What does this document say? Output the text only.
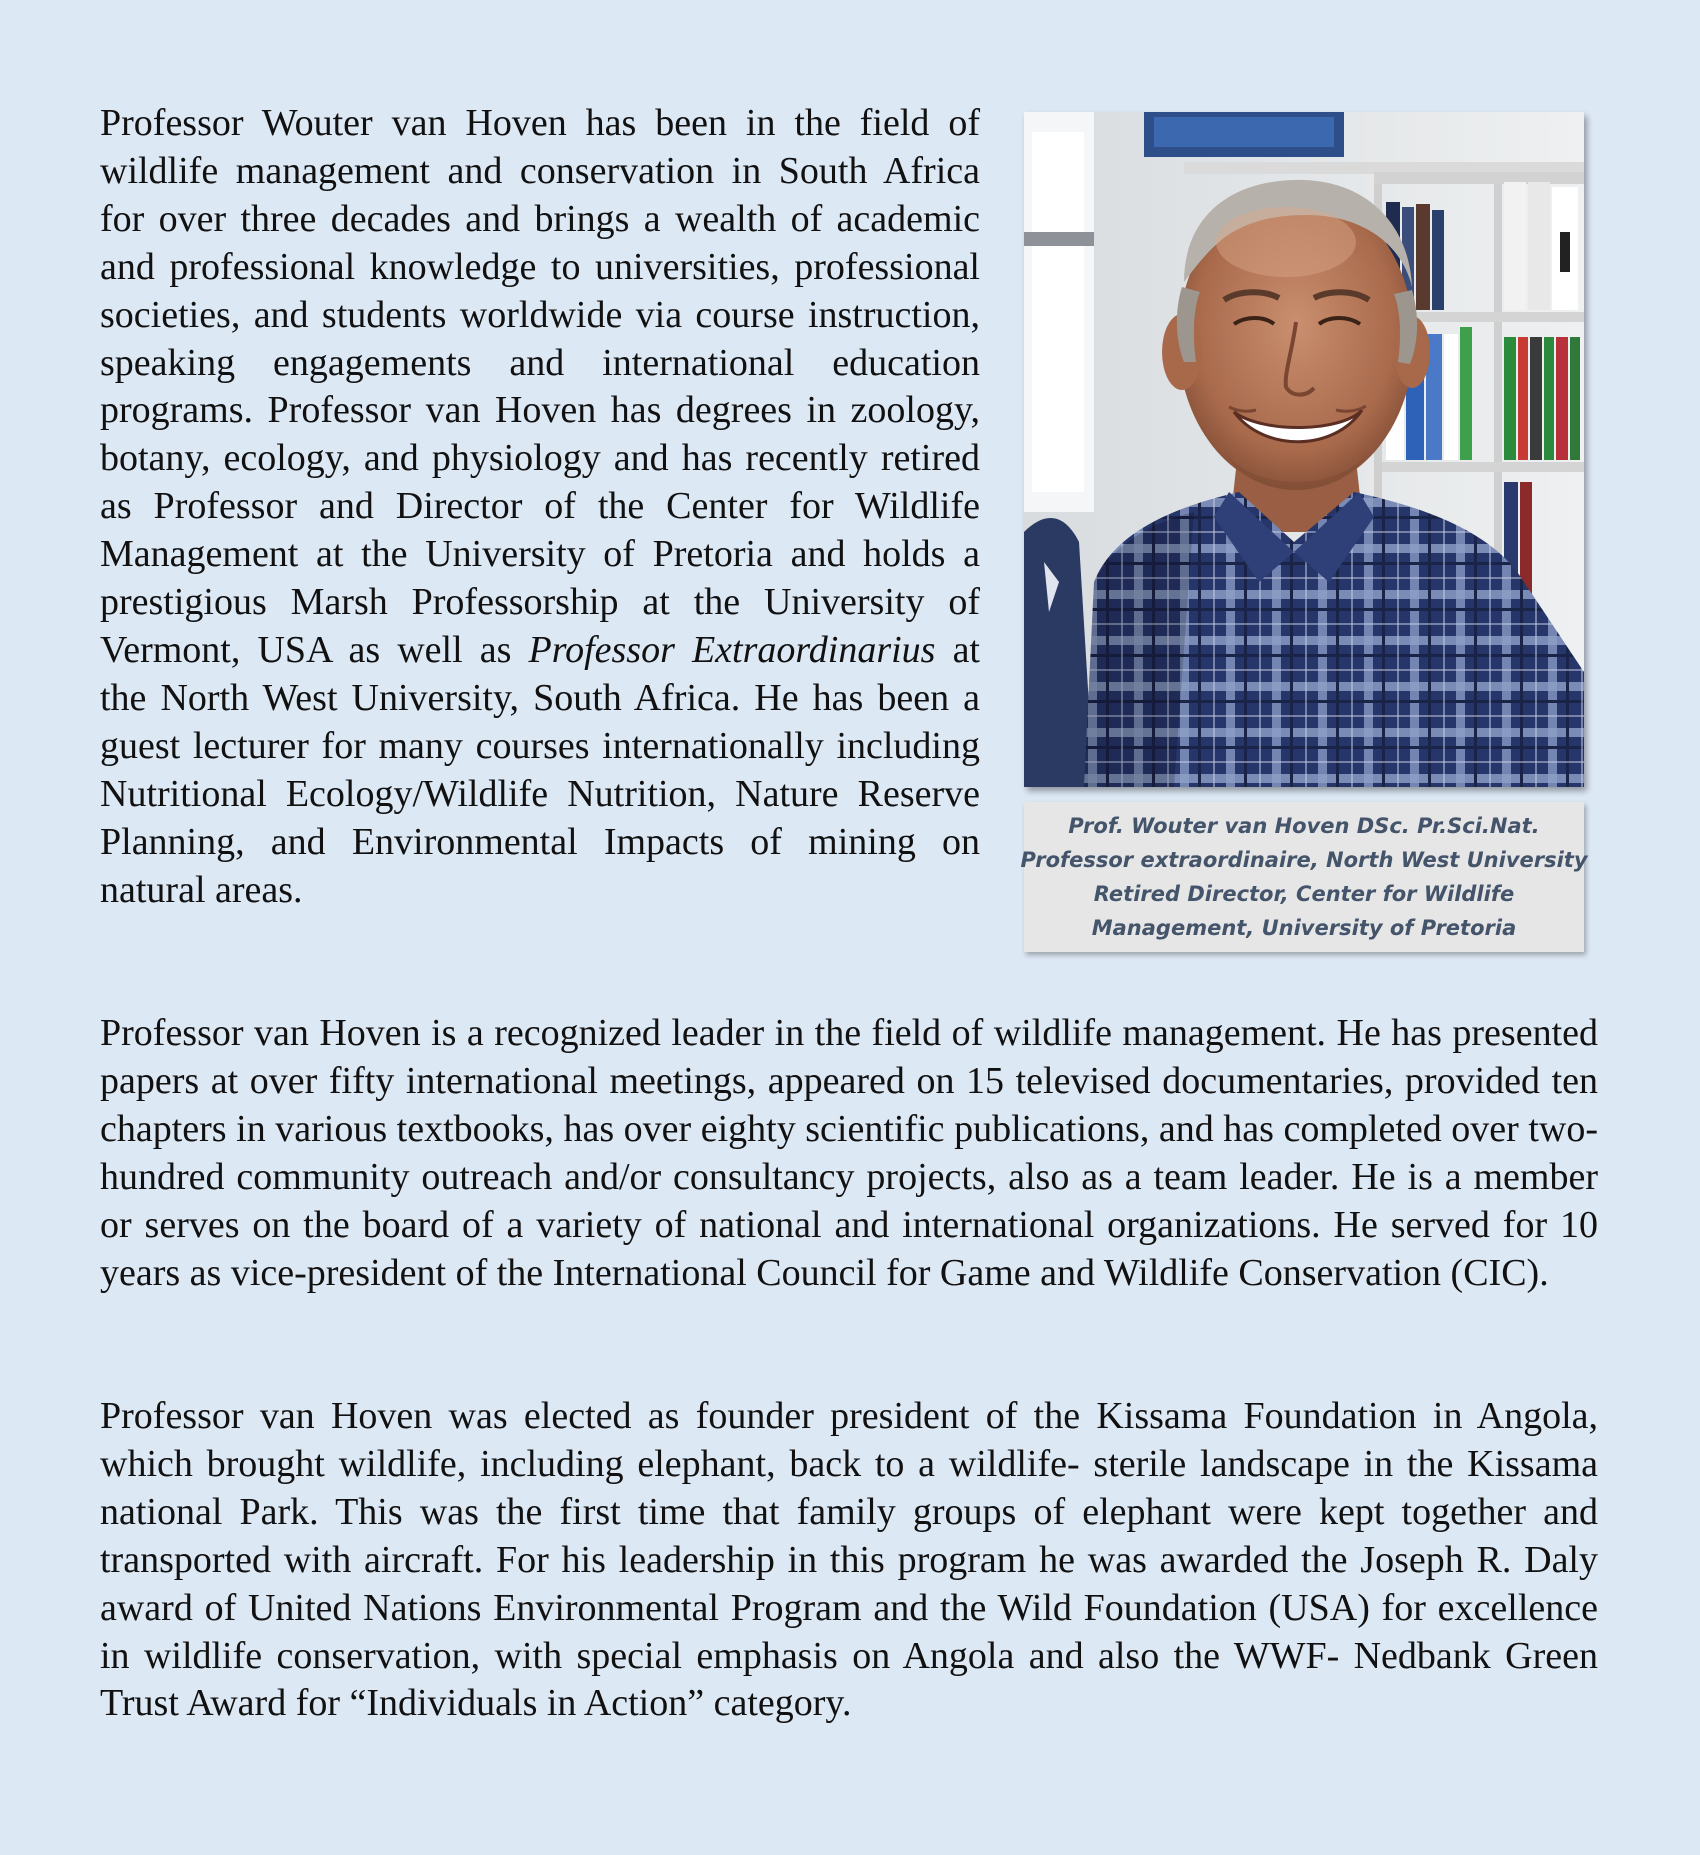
Professor Wouter van Hoven has been in the field of wildlife management and conservation in South Africa for over three decades and brings a wealth of academic and professional knowledge to universities, professional societies, and students worldwide via course instruction, speaking engagements and international education programs. Professor van Hoven has degrees in zoology, botany, ecology, and physiology and has recently retired as Professor and Director of the Center for Wildlife Management at the University of Pretoria and holds a prestigious Marsh Professorship at the University of Vermont, USA as well as Professor Extraordinarius at the North West University, South Africa. He has been a guest lecturer for many courses internationally including Nutritional Ecology/Wildlife Nutrition, Nature Reserve Planning, and Environmental Impacts of mining on natural areas.

Prof. Wouter van Hoven DSc. Pr.Sci.Nat.
Professor extraordinaire, North West University
Retired Director, Center for Wildlife
Management, University of Pretoria

Professor van Hoven is a recognized leader in the field of wildlife management. He has presented papers at over fifty international meetings, appeared on 15 televised documentaries, provided ten chapters in various textbooks, has over eighty scientific publications, and has completed over two-hundred community outreach and/or consultancy projects, also as a team leader. He is a member or serves on the board of a variety of national and international organizations. He served for 10 years as vice-president of the International Council for Game and Wildlife Conservation (CIC).

Professor van Hoven was elected as founder president of the Kissama Foundation in Angola, which brought wildlife, including elephant, back to a wildlife- sterile landscape in the Kissama national Park. This was the first time that family groups of elephant were kept together and transported with aircraft. For his leadership in this program he was awarded the Joseph R. Daly award of United Nations Environmental Program and the Wild Foundation (USA) for excellence in wildlife conservation, with special emphasis on Angola and also the WWF- Nedbank Green Trust Award for “Individuals in Action” category.
